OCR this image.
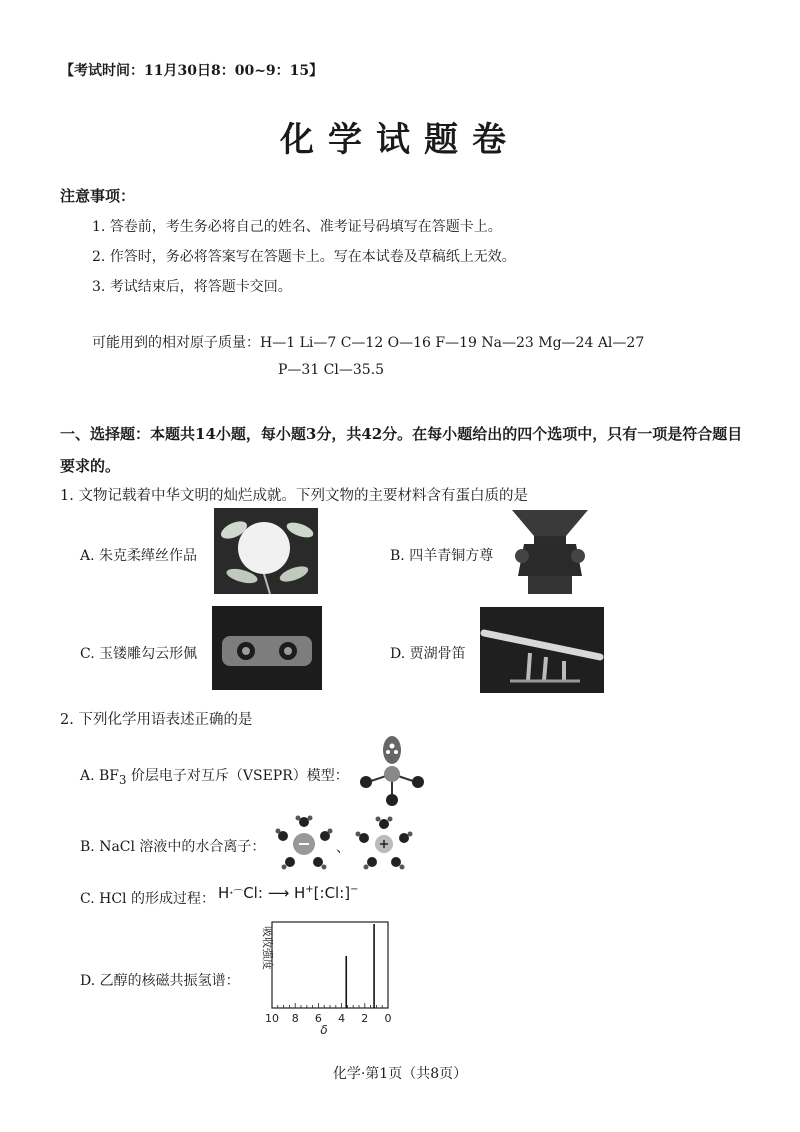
【考试时间：11月30日8：00~9：15】
化学试题卷
注意事项：
1. 答卷前，考生务必将自己的姓名、准考证号码填写在答题卡上。
2. 作答时，务必将答案写在答题卡上。写在本试卷及草稿纸上无效。
3. 考试结束后，将答题卡交回。
可能用到的相对原子质量：H—1 Li—7 C—12 O—16 F—19 Na—23 Mg—24 Al—27
P—31 Cl—35.5
一、选择题：本题共14小题，每小题3分，共42分。在每小题给出的四个选项中，只有一项是符合题目要求的。
1. 文物记载着中华文明的灿烂成就。下列文物的主要材料含有蛋白质的是
A. 朱克柔缂丝作品	B. 四羊青铜方尊
C. 玉镂雕勾云形佩	D. 贾湖骨笛
2. 下列化学用语表述正确的是
A. $BF_3$ 价层电子对互斥（VSEPR）模型：
B. NaCl 溶液中的水合离子：	、
C. HCl 的形成过程： Hᐩ⌒Cl: ⟶ H+[:Cl:]−
D. 乙醇的核磁共振氢谱：
吸收强度
10 8 6 4 2 0
δ
化学·第1页（共8页）
